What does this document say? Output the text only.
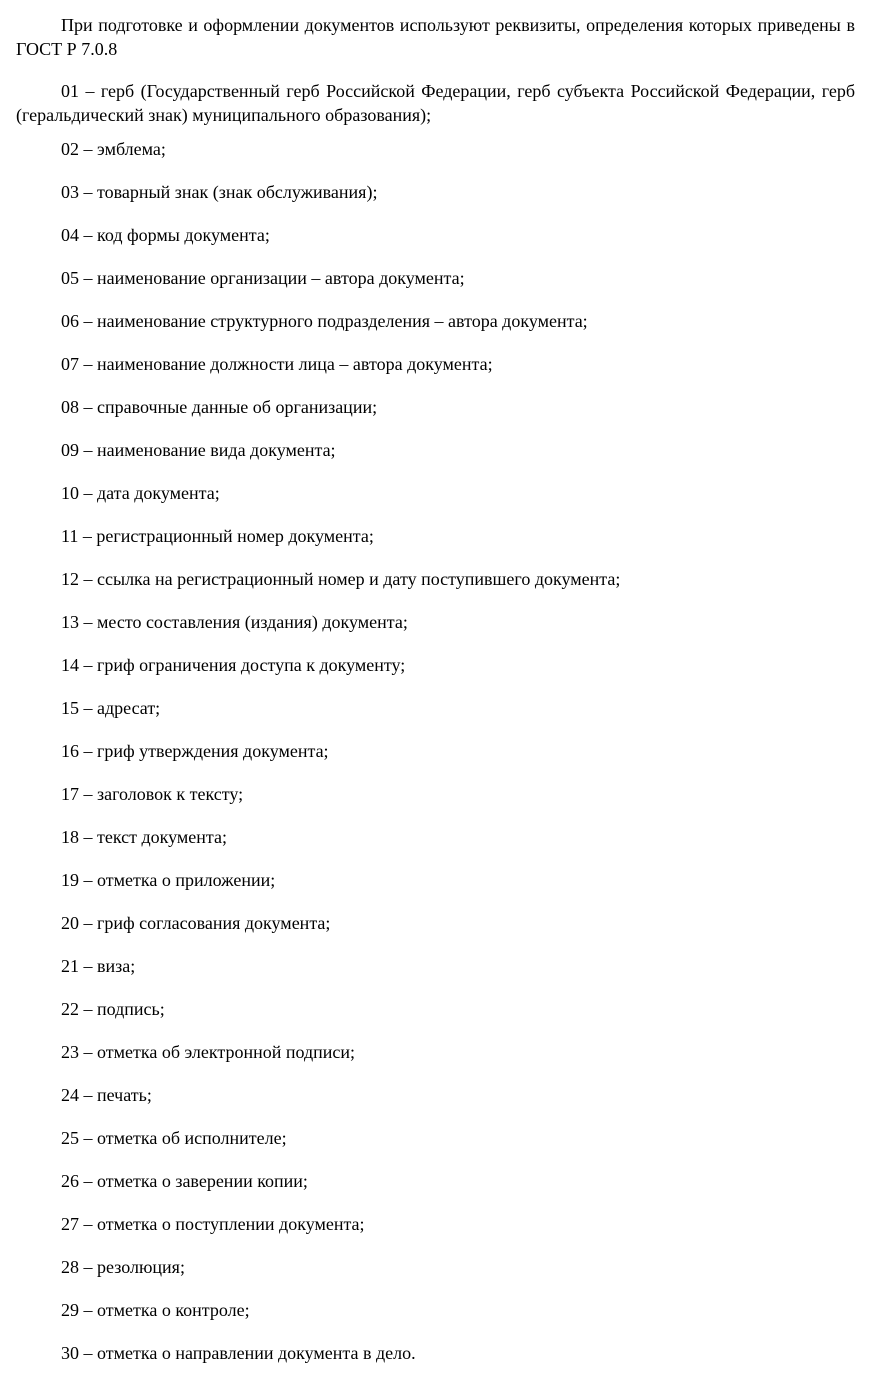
При подготовке и оформлении документов используют реквизиты, определения которых приведены в ГОСТ Р 7.0.8

01 – герб (Государственный герб Российской Федерации, герб субъекта Российской Федерации, герб (геральдический знак) муниципального образования);

02 – эмблема;
03 – товарный знак (знак обслуживания);
04 – код формы документа;
05 – наименование организации – автора документа;
06 – наименование структурного подразделения – автора документа;
07 – наименование должности лица – автора документа;
08 – справочные данные об организации;
09 – наименование вида документа;
10 – дата документа;
11 – регистрационный номер документа;
12 – ссылка на регистрационный номер и дату поступившего документа;
13 – место составления (издания) документа;
14 – гриф ограничения доступа к документу;
15 – адресат;
16 – гриф утверждения документа;
17 – заголовок к тексту;
18 – текст документа;
19 – отметка о приложении;
20 – гриф согласования документа;
21 – виза;
22 – подпись;
23 – отметка об электронной подписи;
24 – печать;
25 – отметка об исполнителе;
26 – отметка о заверении копии;
27 – отметка о поступлении документа;
28 – резолюция;
29 – отметка о контроле;
30 – отметка о направлении документа в дело.
